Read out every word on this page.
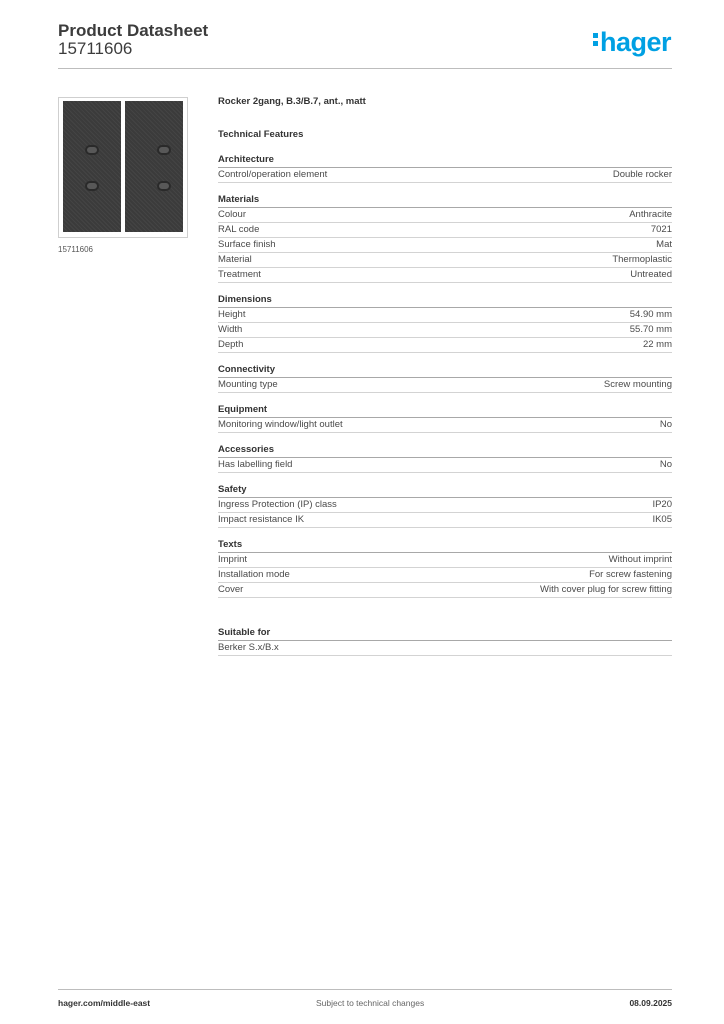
Product Datasheet
15711606	hager
15711606
Rocker 2gang, B.3/B.7, ant., matt
Technical Features
Architecture
Control/operation element	Double rocker
Materials
Colour	Anthracite
RAL code	7021
Surface finish	Mat
Material	Thermoplastic
Treatment	Untreated
Dimensions
Height	54.90 mm
Width	55.70 mm
Depth	22 mm
Connectivity
Mounting type	Screw mounting
Equipment
Monitoring window/light outlet	No
Accessories
Has labelling field	No
Safety
Ingress Protection (IP) class	IP20
Impact resistance IK	IK05
Texts
Imprint	Without imprint
Installation mode	For screw fastening
Cover	With cover plug for screw fitting
Suitable for
Berker S.x/B.x
hager.com/middle-east	Subject to technical changes	08.09.2025
